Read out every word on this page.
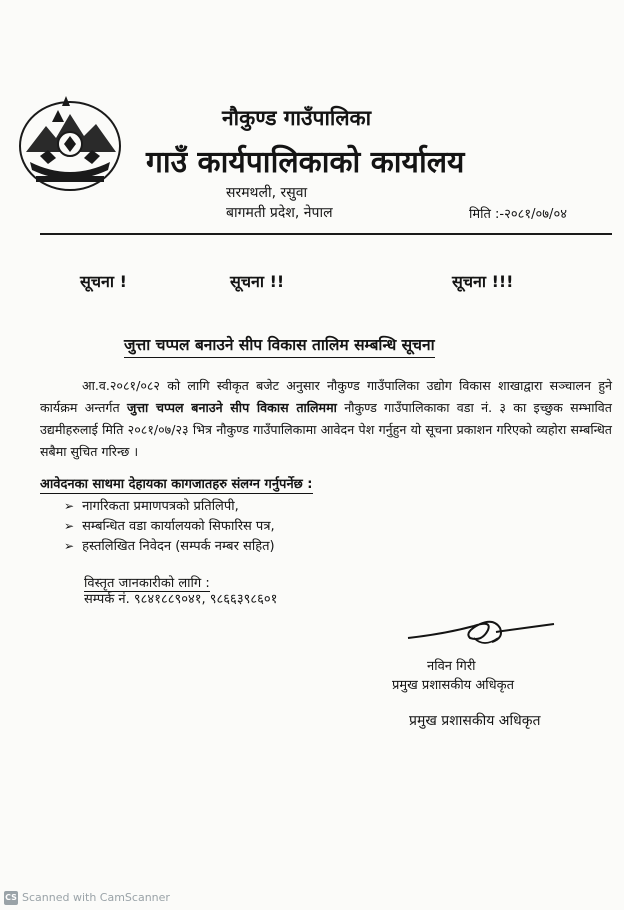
नौकुण्ड गाउँपालिका
गाउँ कार्यपालिकाको कार्यालय
सरमथली, रसुवा
बागमती प्रदेश, नेपाल	मिति :-२०८१/०७/०४
सूचना !	सूचना !!	सूचना !!!
जुत्ता चप्पल बनाउने सीप विकास तालिम सम्बन्धि सूचना
आ.व.२०८१/०८२ को लागि स्वीकृत बजेट अनुसार नौकुण्ड गाउँपालिका उद्योग विकास शाखाद्वारा सञ्चालन हुने कार्यक्रम अन्तर्गत जुत्ता चप्पल बनाउने सीप विकास तालिममा नौकुण्ड गाउँपालिकाका वडा नं. ३ का इच्छुक सम्भावित उद्यमीहरुलाई मिति २०८१/०७/२३ भित्र नौकुण्ड गाउँपालिकामा आवेदन पेश गर्नुहुन यो सूचना प्रकाशन गरिएको व्यहोरा सम्बन्धित सबैमा सुचित गरिन्छ ।
आवेदनका साथमा देहायका कागजातहरु संलग्न गर्नुपर्नेछ :
➢ नागरिकता प्रमाणपत्रको प्रतिलिपी,
➢ सम्बन्धित वडा कार्यालयको सिफारिस पत्र,
➢ हस्तलिखित निवेदन (सम्पर्क नम्बर सहित)
विस्तृत जानकारीको लागि :
सम्पर्क नं. ९८४१८८९०४१, ९८६६३९८६०१
नविन गिरी
प्रमुख प्रशासकीय अधिकृत
प्रमुख प्रशासकीय अधिकृत
CS Scanned with CamScanner
